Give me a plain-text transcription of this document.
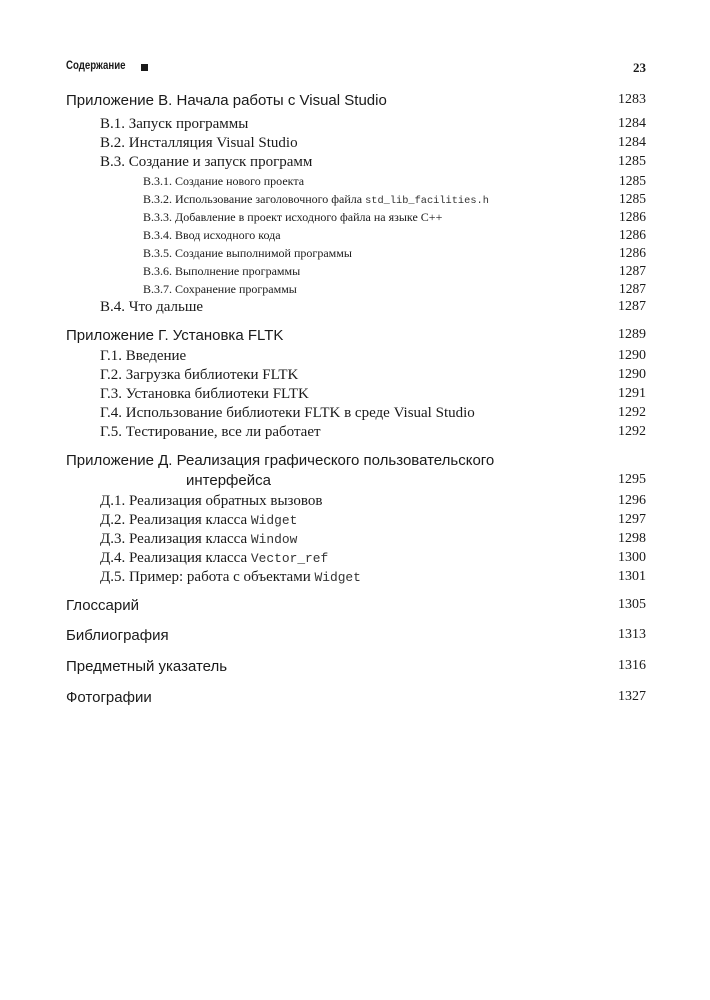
Содержание	23
Приложение В. Начала работы с Visual Studio	1283
В.1. Запуск программы	1284
В.2. Инсталляция Visual Studio	1284
В.3. Создание и запуск программ	1285
В.3.1. Создание нового проекта	1285
В.3.2. Использование заголовочного файла std_lib_facilities.h	1285
В.3.3. Добавление в проект исходного файла на языке С++	1286
В.3.4. Ввод исходного кода	1286
В.3.5. Создание выполнимой программы	1286
В.3.6. Выполнение программы	1287
В.3.7. Сохранение программы	1287
В.4. Что дальше	1287
Приложение Г. Установка FLTK	1289
Г.1. Введение	1290
Г.2. Загрузка библиотеки FLTK	1290
Г.3. Установка библиотеки FLTK	1291
Г.4. Использование библиотеки FLTK в среде Visual Studio	1292
Г.5. Тестирование, все ли работает	1292
Приложение Д. Реализация графического пользовательского
интерфейса	1295
Д.1. Реализация обратных вызовов	1296
Д.2. Реализация класса Widget	1297
Д.3. Реализация класса Window	1298
Д.4. Реализация класса Vector_ref	1300
Д.5. Пример: работа с объектами Widget	1301
Глоссарий	1305
Библиография	1313
Предметный указатель	1316
Фотографии	1327
